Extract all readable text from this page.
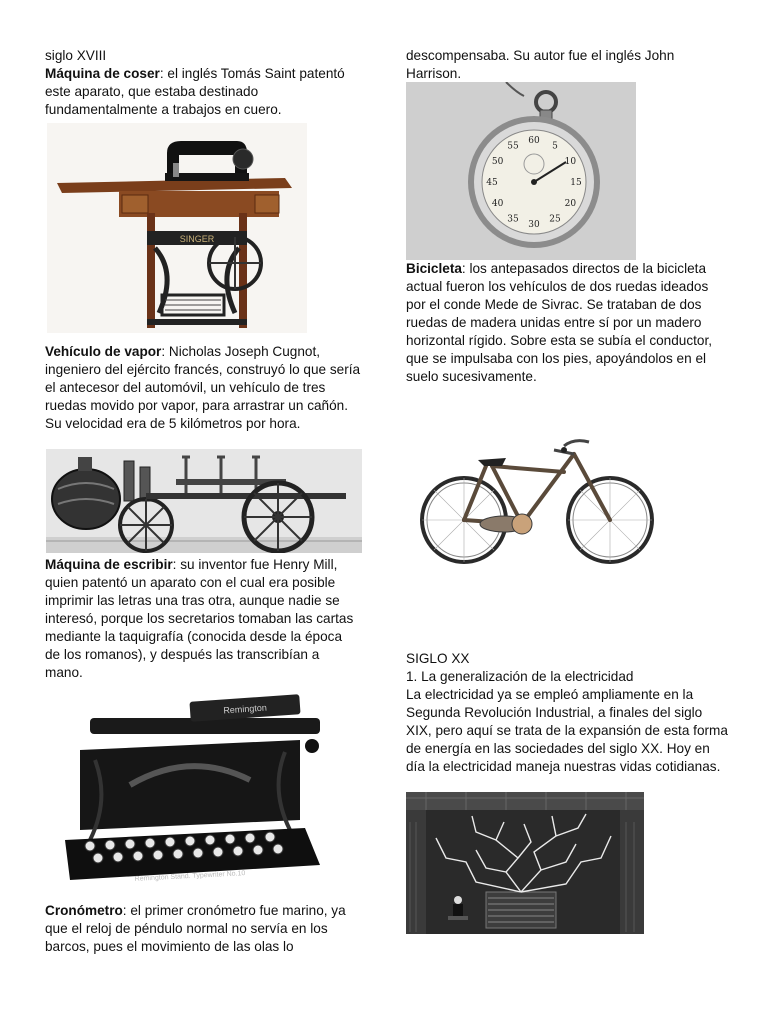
siglo XVIII

Máquina de coser: el inglés Tomás Saint patentó este aparato, que estaba destinado fundamentalmente a trabajos en cuero.

SINGER

Vehículo de vapor: Nicholas Joseph Cugnot, ingeniero del ejército francés, construyó lo que sería el antecesor del automóvil, un vehículo de tres ruedas movido por vapor, para arrastrar un cañón. Su velocidad era de 5 kilómetros por hora.

Máquina de escribir: su inventor fue Henry Mill, quien patentó un aparato con el cual era posible imprimir las letras una tras otra, aunque nadie se interesó, porque los secretarios tomaban las cartas mediante la taquigrafía (conocida desde la época de los romanos), y después las transcribían a mano.

Remington
Remington Stand. Typewriter No.10

Cronómetro: el primer cronómetro fue marino, ya que el reloj de péndulo normal no servía en los barcos, pues el movimiento de las olas lo

descompensaba. Su autor fue el inglés John Harrison.

60
5
10
15
20
25
30
35
40
45
50
55

Bicicleta: los antepasados directos de la bicicleta actual fueron los vehículos de dos ruedas ideados por el conde Mede de Sivrac. Se trataban de dos ruedas de madera unidas entre sí por un madero horizontal rígido. Sobre esta se subía el conductor, que se impulsaba con los pies, apoyándolos en el suelo sucesivamente.

SIGLO XX

1. La generalización de la electricidad

La electricidad ya se empleó ampliamente en la Segunda Revolución Industrial, a finales del siglo XIX, pero aquí se trata de la expansión de esta forma de energía en las sociedades del siglo XX. Hoy en día la electricidad maneja nuestras vidas cotidianas.
